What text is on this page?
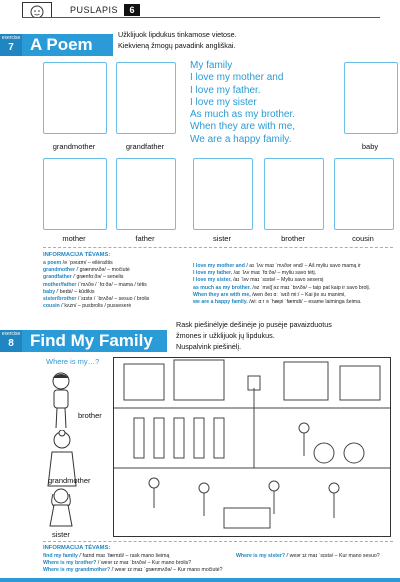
PUSLAPIS	6
exercise
7 A Poem
Užklijuok lipdukus tinkamose vietose.
Kiekvieną žmogų pavadink angliškai.
grandmother	grandfather	baby
My family
I love my mother and
I love my father.
I love my sister
As much as my brother.
When they are with me,
We are a happy family.
mother	father	sister	brother	cousin
INFORMACIJA TĖVAMS:
a poem /ə ˈpəʊɪm/ – eilėraštis
grandmother /ˈɡrænmʌðə/ – močiutė
grandfather /ˈɡrænfɑːðə/ – senelis
mother/father /ˈmʌðə / ˈfɑːðə/ – mama / tėtis
baby /ˈbeɪbi/ – kūdikis
sister/brother /ˈsɪstə / ˈbrʌðə/ – sesuo / brolis
cousin /ˈkʌzn/ – pusbrolis / pusseserė
I love my mother and / aɪ ˈlʌv maɪ ˈmʌðər ənd/ – Aš myliu savo mamą ir
I love my father. /aɪ ˈlʌv maɪ ˈfɑːðə/ – myliu savo tėtį.
I love my sister, /aɪ ˈlʌv maɪ ˈsɪstə/ – Myliu savo sesersį
as much as my brother. /əz ˈmʌtʃ əz maɪ ˈbrʌðə/ – taip pat kaip ir savo brolį.
When they are with me, /wen ðeɪ ɑː ˈwɪð miː/ – Kai jie su manimi,
we are a happy family. /wiː ɑːr ə ˈhæpi ˈfæmɪli/ – esame laiminga šeima.
exercise
8 Find My Family
Rask piešinėlyje dešinėje jo pusėje pavaizduotus
žmones ir užklijuok jų lipdukus.
Nuspalvink piešinėlį.
Where is my…?
brother
grandmother
sister
INFORMACIJA TĖVAMS:
find my family /ˈfaɪnd maɪ ˈfæmɪli/ – rask mano šeimą
Where is my brother? /ˈweər ɪz maɪ ˈbrʌðə/ – Kur mano brolis?
Where is my grandmother? /ˈweər ɪz maɪ ˈɡrænmʌðə/ – Kur mano močiutė?
Where is my sister? /ˈweər ɪz maɪ ˈsɪstə/ – Kur mano sesuo?
